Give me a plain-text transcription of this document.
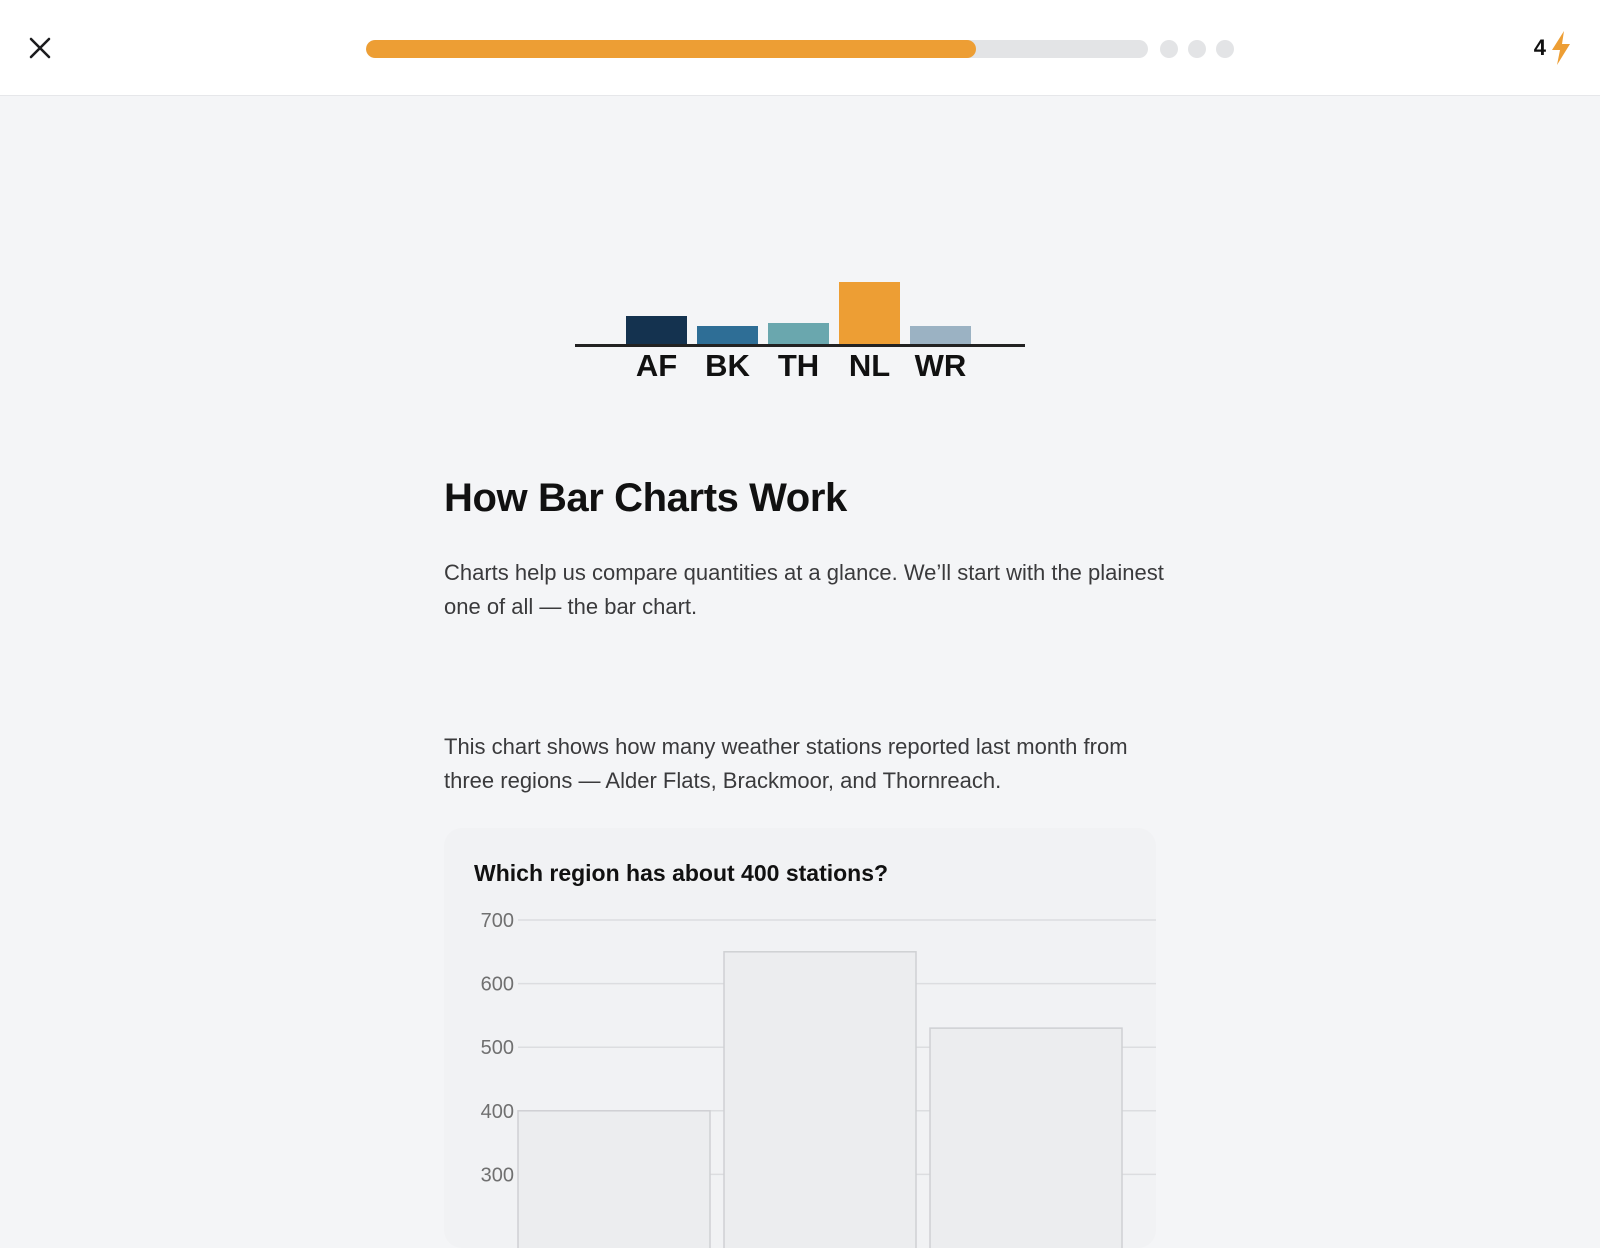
4
AF BK TH NL WR
How Bar Charts Work

Charts help us compare quantities at a glance. We’ll start with the plainest one of all — the bar chart.

This chart shows how many weather stations reported last month from three regions — Alder Flats, Brackmoor, and Thornreach.

700
600
500
400
300
Which region has about 400 stations?
